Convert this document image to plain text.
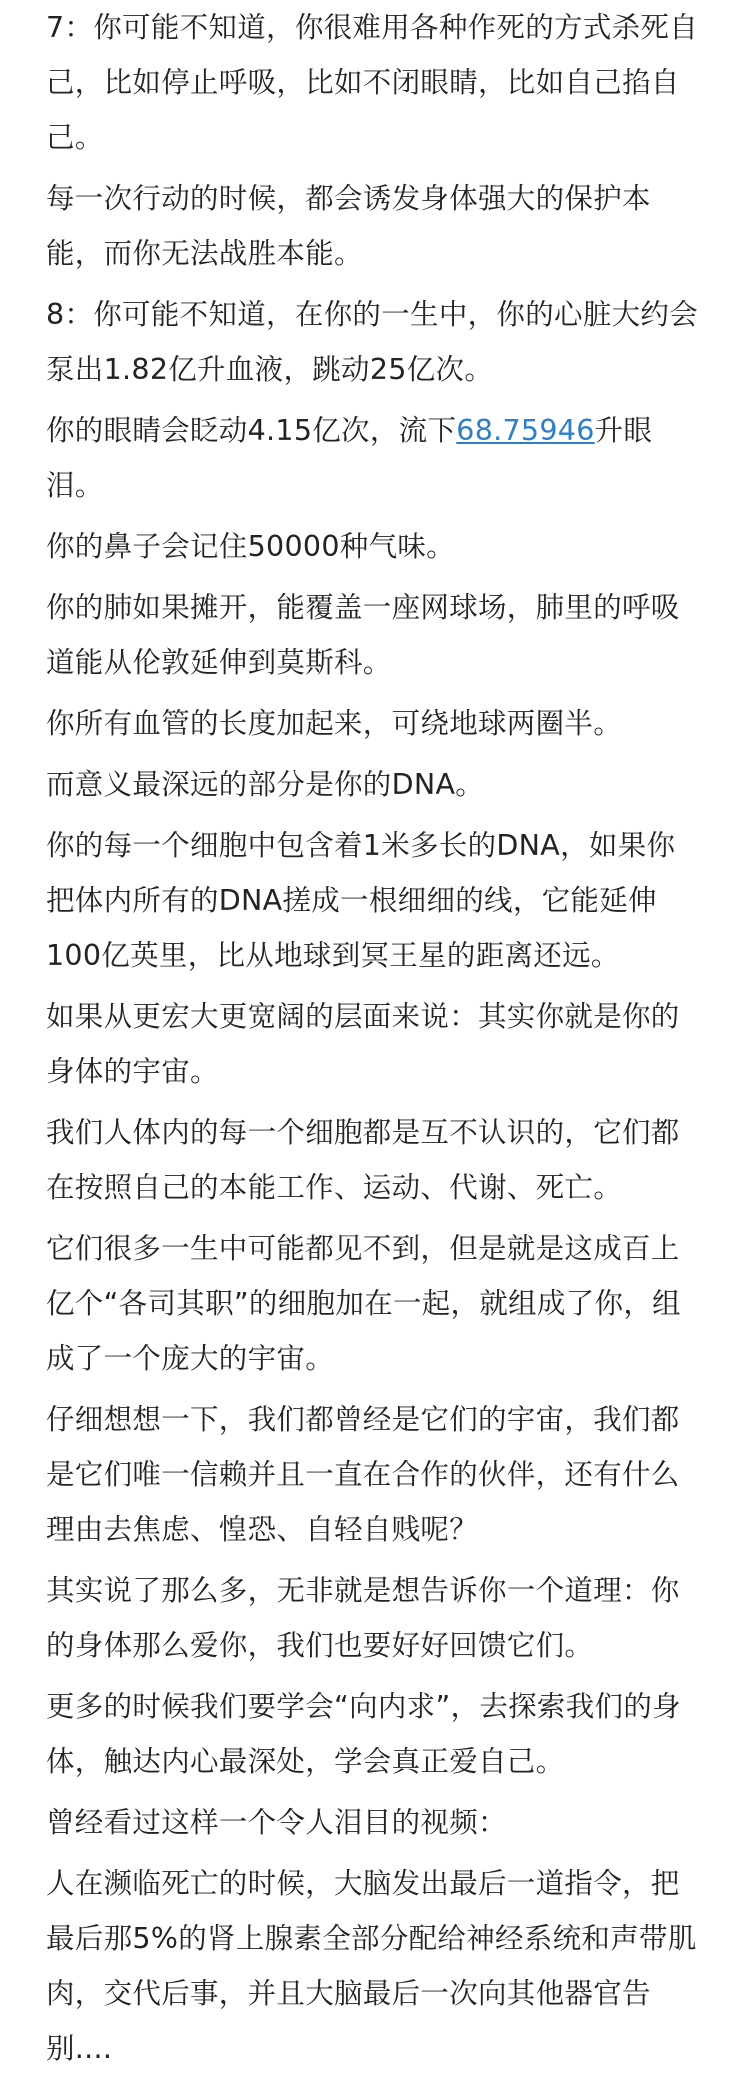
7：你可能不知道，你很难用各种作死的方式杀死自己，比如停止呼吸，比如不闭眼睛，比如自己掐自己。

每一次行动的时候，都会诱发身体强大的保护本能，而你无法战胜本能。

8：你可能不知道，在你的一生中，你的心脏大约会泵出1.82亿升血液，跳动25亿次。

你的眼睛会眨动4.15亿次，流下68.75946升眼泪。

你的鼻子会记住50000种气味。

你的肺如果摊开，能覆盖一座网球场，肺里的呼吸道能从伦敦延伸到莫斯科。

你所有血管的长度加起来，可绕地球两圈半。

而意义最深远的部分是你的DNA。

你的每一个细胞中包含着1米多长的DNA，如果你把体内所有的DNA搓成一根细细的线，它能延伸100亿英里，比从地球到冥王星的距离还远。

如果从更宏大更宽阔的层面来说：其实你就是你的身体的宇宙。

我们人体内的每一个细胞都是互不认识的，它们都在按照自己的本能工作、运动、代谢、死亡。

它们很多一生中可能都见不到，但是就是这成百上亿个“各司其职”的细胞加在一起，就组成了你，组成了一个庞大的宇宙。

仔细想想一下，我们都曾经是它们的宇宙，我们都是它们唯一信赖并且一直在合作的伙伴，还有什么理由去焦虑、惶恐、自轻自贱呢？

其实说了那么多，无非就是想告诉你一个道理：你的身体那么爱你，我们也要好好回馈它们。

更多的时候我们要学会“向内求”，去探索我们的身体，触达内心最深处，学会真正爱自己。

曾经看过这样一个令人泪目的视频：

人在濒临死亡的时候，大脑发出最后一道指令，把最后那5%的肾上腺素全部分配给神经系统和声带肌肉，交代后事，并且大脑最后一次向其他器官告别....
